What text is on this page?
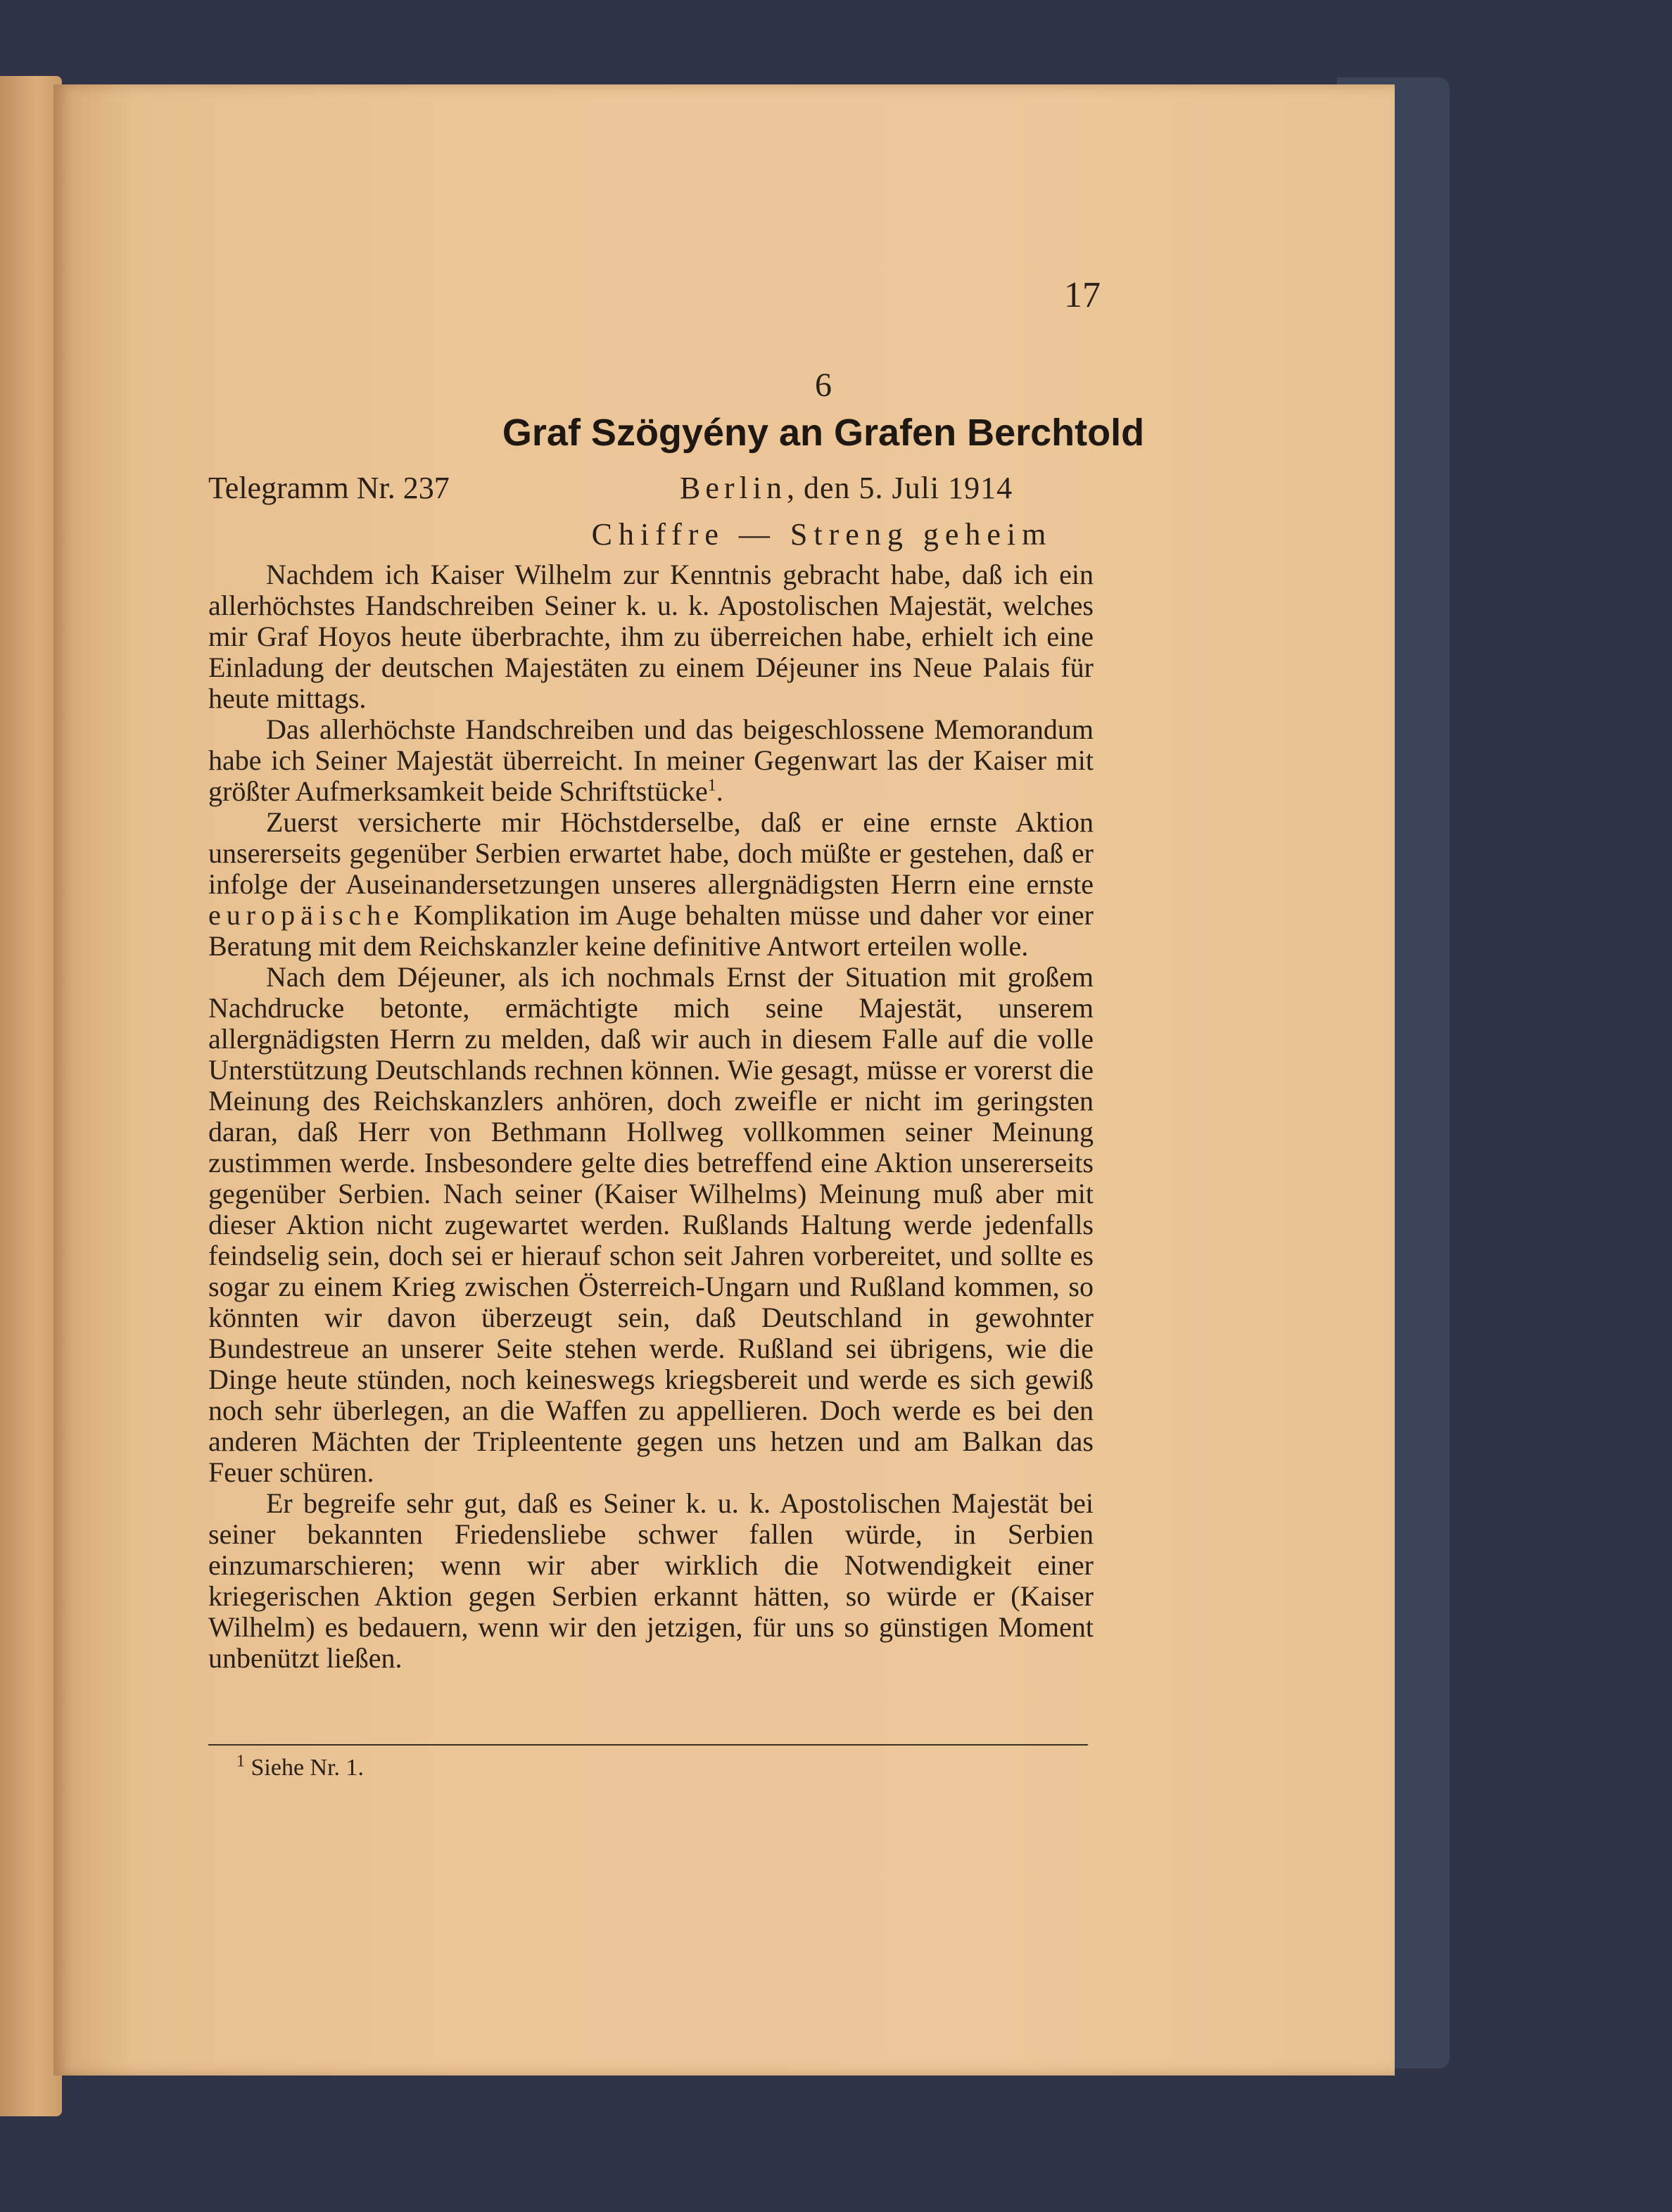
17
6
Graf Szögyény an Grafen Berchtold
Telegramm Nr. 237	Berlin, den 5. Juli 1914
Chiffre — Streng geheim

Nachdem ich Kaiser Wilhelm zur Kenntnis gebracht habe, daß ich ein allerhöchstes Handschreiben Seiner k. u. k. Apostolischen Majestät, welches mir Graf Hoyos heute überbrachte, ihm zu überreichen habe, erhielt ich eine Einladung der deutschen Majestäten zu einem Déjeuner ins Neue Palais für heute mittags.

Das allerhöchste Handschreiben und das beigeschlossene Memorandum habe ich Seiner Majestät überreicht. In meiner Gegenwart las der Kaiser mit größter Aufmerksamkeit beide Schriftstücke$^1$.

Zuerst versicherte mir Höchstderselbe, daß er eine ernste Aktion unsererseits gegenüber Serbien erwartet habe, doch müßte er gestehen, daß er infolge der Auseinandersetzungen unseres allergnädigsten Herrn eine ernste europäische Komplikation im Auge behalten müsse und daher vor einer Beratung mit dem Reichskanzler keine definitive Antwort erteilen wolle.

Nach dem Déjeuner, als ich nochmals Ernst der Situation mit großem Nachdrucke betonte, ermächtigte mich seine Majestät, unserem allergnädigsten Herrn zu melden, daß wir auch in diesem Falle auf die volle Unterstützung Deutschlands rechnen können. Wie gesagt, müsse er vorerst die Meinung des Reichskanzlers anhören, doch zweifle er nicht im geringsten daran, daß Herr von Bethmann Hollweg vollkommen seiner Meinung zustimmen werde. Insbesondere gelte dies betreffend eine Aktion unsererseits gegenüber Serbien. Nach seiner (Kaiser Wilhelms) Meinung muß aber mit dieser Aktion nicht zugewartet werden. Rußlands Haltung werde jedenfalls feindselig sein, doch sei er hierauf schon seit Jahren vorbereitet, und sollte es sogar zu einem Krieg zwischen Österreich-Ungarn und Rußland kommen, so könnten wir davon überzeugt sein, daß Deutschland in gewohnter Bundestreue an unserer Seite stehen werde. Rußland sei übrigens, wie die Dinge heute stünden, noch keineswegs kriegsbereit und werde es sich gewiß noch sehr überlegen, an die Waffen zu appellieren. Doch werde es bei den anderen Mächten der Tripleentente gegen uns hetzen und am Balkan das Feuer schüren.

Er begreife sehr gut, daß es Seiner k. u. k. Apostolischen Majestät bei seiner bekannten Friedensliebe schwer fallen würde, in Serbien einzumarschieren; wenn wir aber wirklich die Notwendigkeit einer kriegerischen Aktion gegen Serbien erkannt hätten, so würde er (Kaiser Wilhelm) es bedauern, wenn wir den jetzigen, für uns so günstigen Moment unbenützt ließen.

$^1$ Siehe Nr. 1.
